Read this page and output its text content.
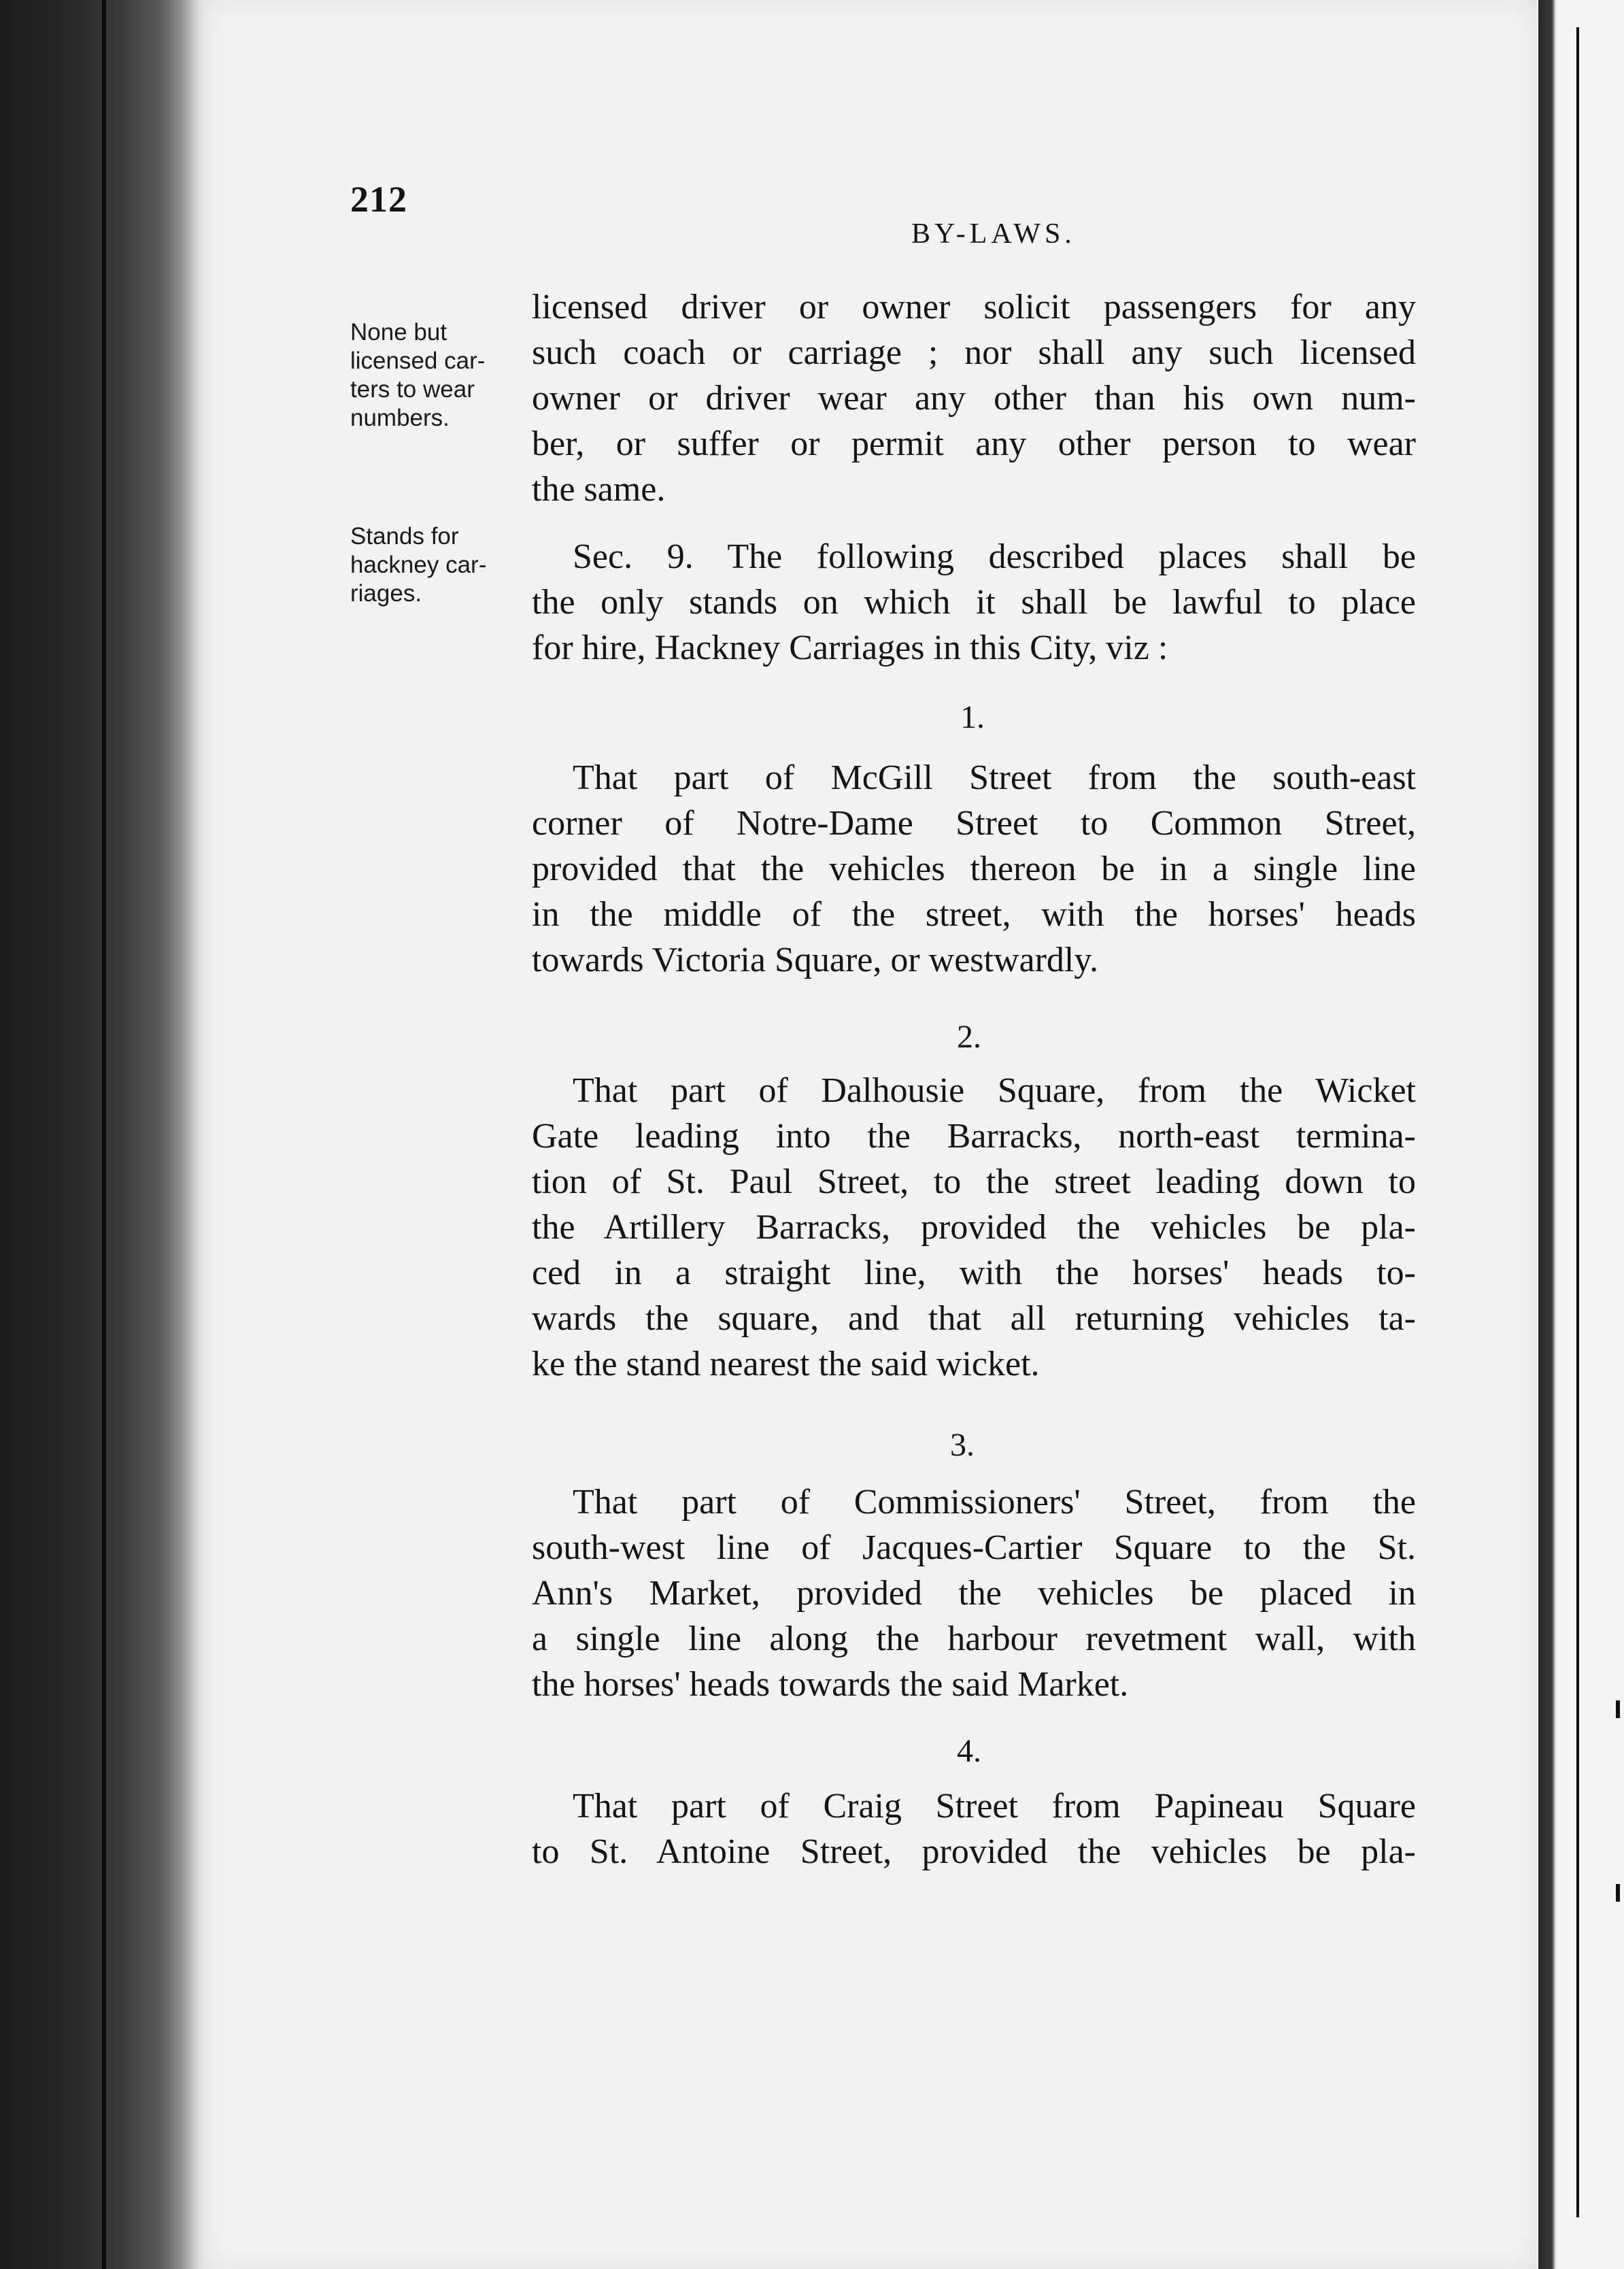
212
BY-LAWS.
None but
licensed car-
ters to wear
numbers.
Stands for
hackney car-
riages.
licensed driver or owner solicit passengers for any
such coach or carriage ; nor shall any such licensed
owner or driver wear any other than his own num-
ber, or suffer or permit any other person to wear
the same.
Sec. 9. The following described places shall be
the only stands on which it shall be lawful to place
for hire, Hackney Carriages in this City, viz :
1.
That part of McGill Street from the south-east
corner of Notre-Dame Street to Common Street,
provided that the vehicles thereon be in a single line
in the middle of the street, with the horses' heads
towards Victoria Square, or westwardly.
2.
That part of Dalhousie Square, from the Wicket
Gate leading into the Barracks, north-east termina-
tion of St. Paul Street, to the street leading down to
the Artillery Barracks, provided the vehicles be pla-
ced in a straight line, with the horses' heads to-
wards the square, and that all returning vehicles ta-
ke the stand nearest the said wicket.
3.
That part of Commissioners' Street, from the
south-west line of Jacques-Cartier Square to the St.
Ann's Market, provided the vehicles be placed in
a single line along the harbour revetment wall, with
the horses' heads towards the said Market.
4.
That part of Craig Street from Papineau Square
to St. Antoine Street, provided the vehicles be pla-
